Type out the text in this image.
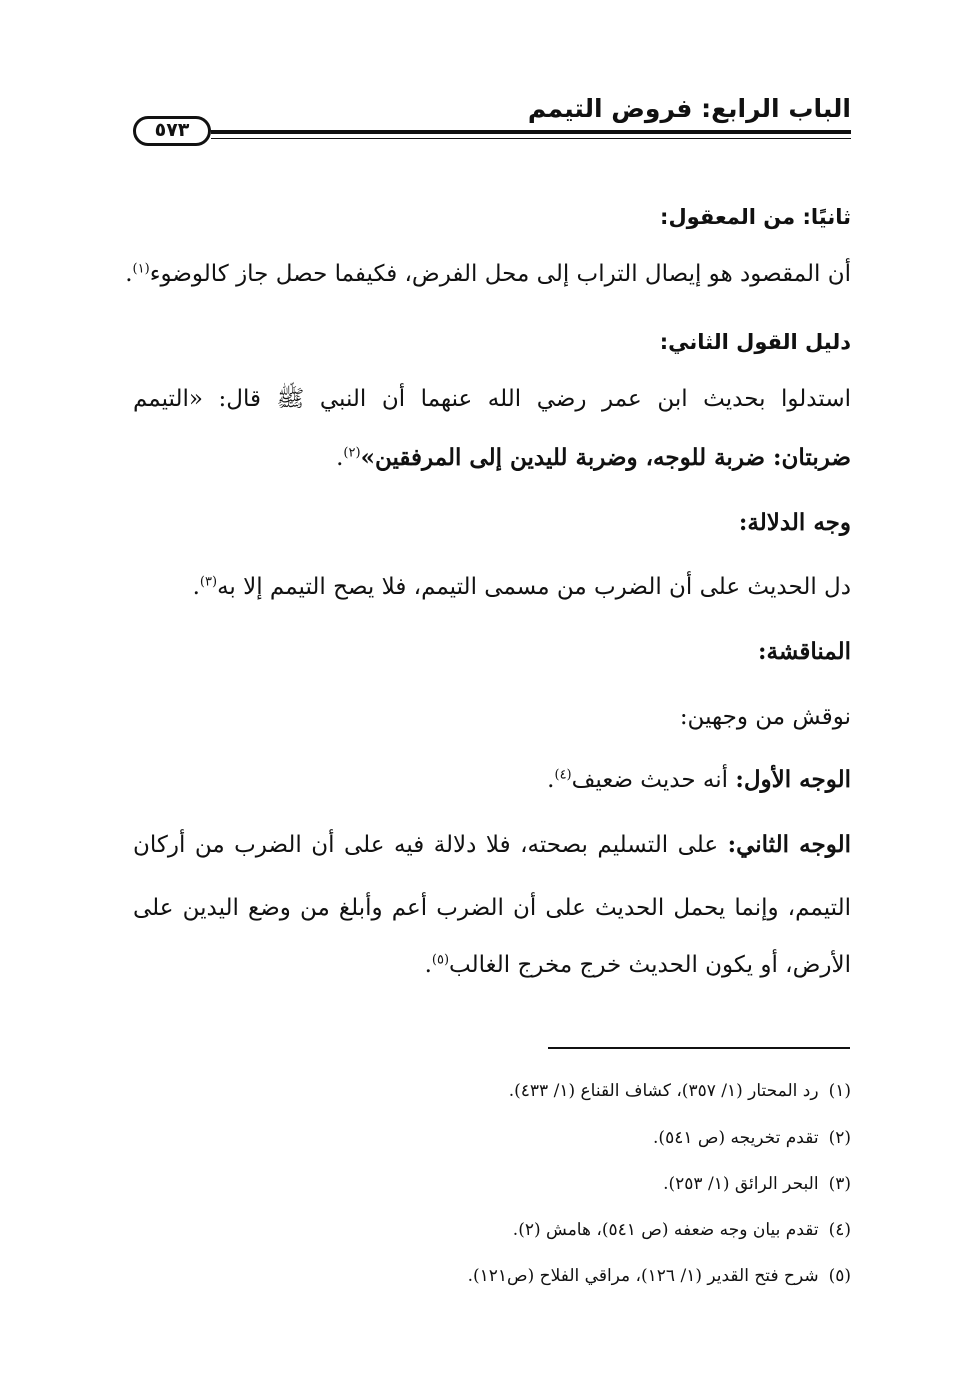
الباب الرابع: فروض التيمم
٥٧٣

ثانيًا: من المعقول:

أن المقصود هو إيصال التراب إلى محل الفرض، فكيفما حصل جاز كالوضوء$^{(١)}$.

دليل القول الثاني:

استدلوا بحديث ابن عمر رضي الله عنهما أن النبي ﷺ قال: «التيمم

ضربتان: ضربة للوجه، وضربة لليدين إلى المرفقين»$^{(٢)}$.

وجه الدلالة:

دل الحديث على أن الضرب من مسمى التيمم، فلا يصح التيمم إلا به$^{(٣)}$.

المناقشة:

نوقش من وجهين:

الوجه الأول: أنه حديث ضعيف$^{(٤)}$.

الوجه الثاني: على التسليم بصحته، فلا دلالة فيه على أن الضرب من أركان

التيمم، وإنما يحمل الحديث على أن الضرب أعم وأبلغ من وضع اليدين على

الأرض، أو يكون الحديث خرج مخرج الغالب$^{(٥)}$.

(١)رد المحتار (١/ ٣٥٧)، كشاف القناع (١/ ٤٣٣).

(٢)تقدم تخريجه (ص ٥٤١).

(٣)البحر الرائق (١/ ٢٥٣).

(٤)تقدم بيان وجه ضعفه (ص ٥٤١)، هامش (٢).

(٥)شرح فتح القدير (١/ ١٢٦)، مراقي الفلاح (ص١٢١).
